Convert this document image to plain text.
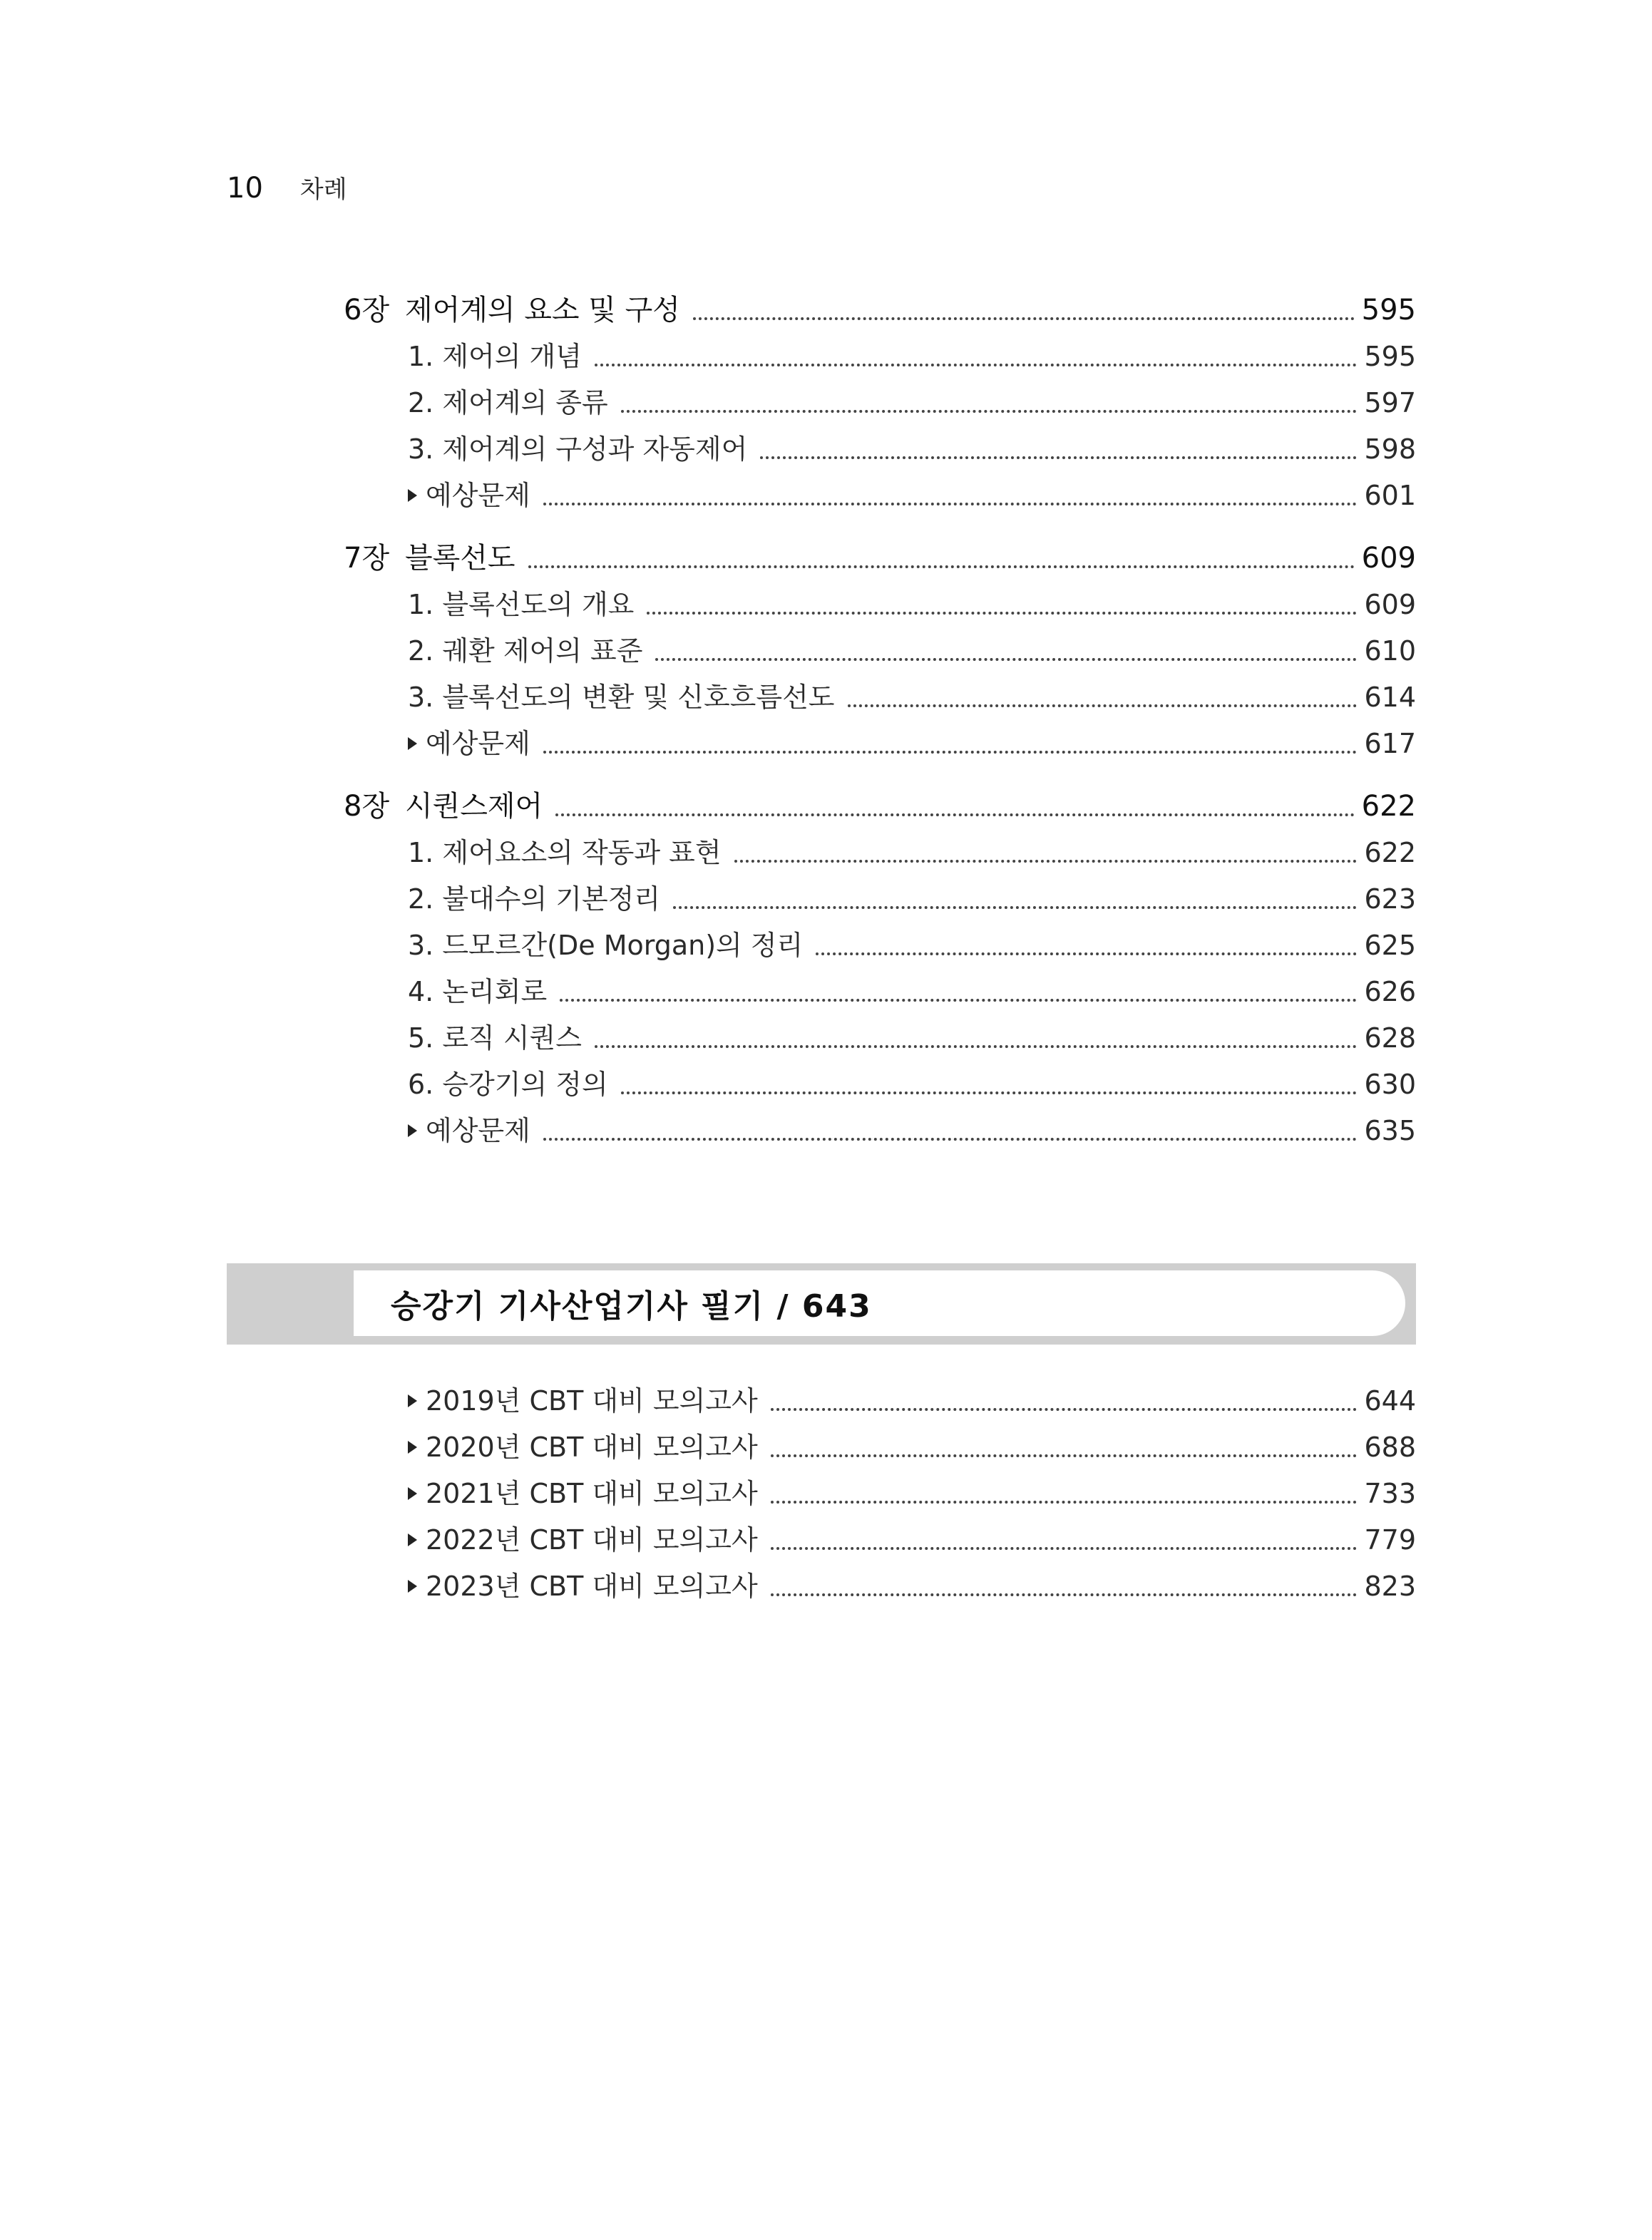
10 차례
6장 제어계의 요소 및 구성	595
1. 제어의 개념	595
2. 제어계의 종류	597
3. 제어계의 구성과 자동제어	598
예상문제	601
7장 블록선도	609
1. 블록선도의 개요	609
2. 궤환 제어의 표준	610
3. 블록선도의 변환 및 신호흐름선도	614
예상문제	617
8장 시퀀스제어	622
1. 제어요소의 작동과 표현	622
2. 불대수의 기본정리	623
3. 드모르간(De Morgan)의 정리	625
4. 논리회로	626
5. 로직 시퀀스	628
6. 승강기의 정의	630
예상문제	635
승강기 기사산업기사 필기 / 643
2019년 CBT 대비 모의고사	644
2020년 CBT 대비 모의고사	688
2021년 CBT 대비 모의고사	733
2022년 CBT 대비 모의고사	779
2023년 CBT 대비 모의고사	823
